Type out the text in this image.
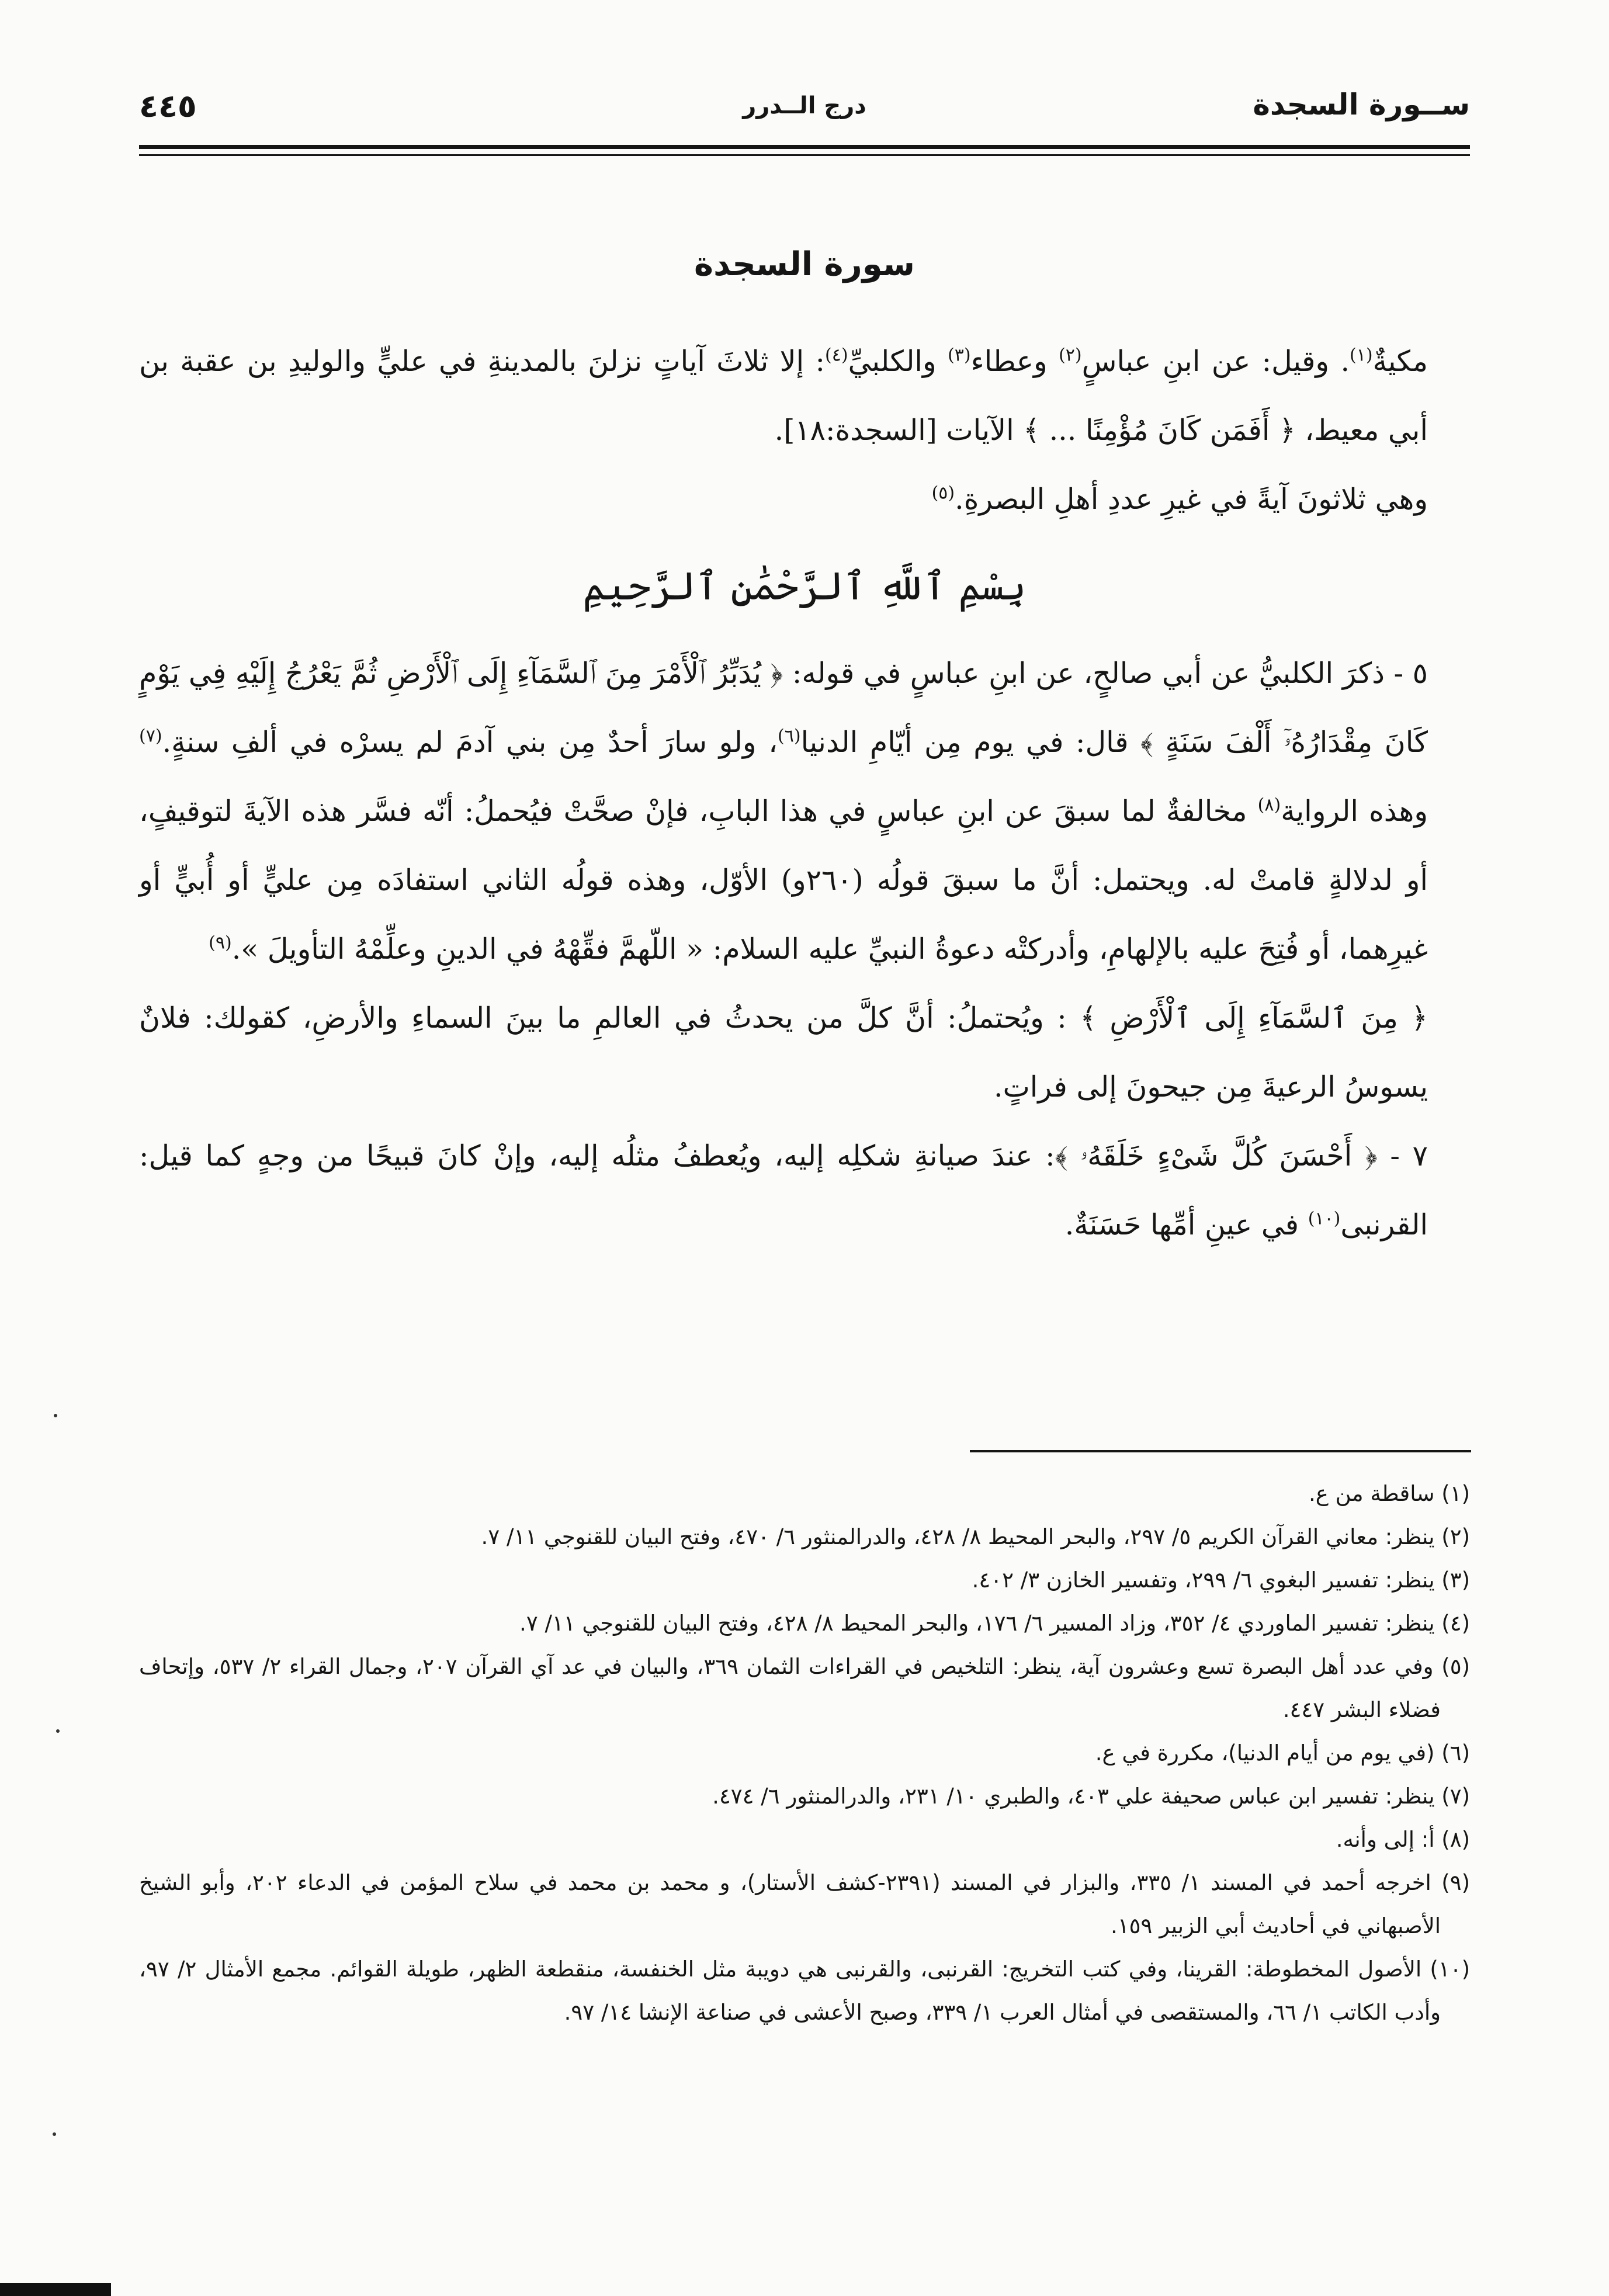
ســورة السجدة
درج الــدرر
٤٤٥
سورة السجدة

مكيةٌ$^{(١)}$. وقيل: عن ابنِ عباسٍ$^{(٢)}$ وعطاء$^{(٣)}$ والكلبيِّ$^{(٤)}$: إلا ثلاثَ آياتٍ نزلنَ بالمدينةِ في عليٍّ والوليدِ بن عقبة بن أبي معيط، ﴿ أَفَمَن كَانَ مُؤْمِنًا ... ﴾ الآيات [السجدة:١٨].

وهي ثلاثونَ آيةً في غيرِ عددِ أهلِ البصرةِ.$^{(٥)}$

بِسْمِ ٱللَّهِ ٱلرَّحْمَٰنِ ٱلرَّحِيمِ

٥ - ذكرَ الكلبيُّ عن أبي صالحٍ، عن ابنِ عباسٍ في قوله: ﴿ يُدَبِّرُ ٱلْأَمْرَ مِنَ ٱلسَّمَآءِ إِلَى ٱلْأَرْضِ ثُمَّ يَعْرُجُ إِلَيْهِ فِي يَوْمٍ كَانَ مِقْدَارُهُۥٓ أَلْفَ سَنَةٍ ﴾ قال: في يوم مِن أيّامِ الدنيا$^{(٦)}$، ولو سارَ أحدٌ مِن بني آدمَ لم يسرْه في ألفِ سنةٍ.$^{(٧)}$ وهذه الرواية$^{(٨)}$ مخالفةٌ لما سبقَ عن ابنِ عباسٍ في هذا البابِ، فإنْ صحَّتْ فيُحملُ: أنّه فسَّر هذه الآيةَ لتوقيفٍ، أو لدلالةٍ قامتْ له. ويحتمل: أنَّ ما سبقَ قولُه (٢٦٠و) الأوّل، وهذه قولُه الثاني استفادَه مِن عليٍّ أو أُبيٍّ أو غيرِهما، أو فُتِحَ عليه بالإلهامِ، وأدركتْه دعوةُ النبيِّ عليه السلام: « اللّهمَّ فقِّهْهُ في الدينِ وعلِّمْهُ التأويلَ ».$^{(٩)}$

﴿ مِنَ ٱلسَّمَآءِ إِلَى ٱلْأَرْضِ ﴾ : ويُحتملُ: أنَّ كلَّ من يحدثُ في العالمِ ما بينَ السماءِ والأرضِ، كقولك: فلانٌ يسوسُ الرعيةَ مِن جيحونَ إلى فراتٍ.

٧ - ﴿ أَحْسَنَ كُلَّ شَىْءٍ خَلَقَهُۥ ﴾: عندَ صيانةِ شكلِه إليه، ويُعطفُ مثلُه إليه، وإنْ كانَ قبيحًا من وجهٍ كما قيل: القرنبى$^{(١٠)}$ في عينِ أمِّها حَسَنَةٌ.

(١) ساقطة من ع.

(٢) ينظر: معاني القرآن الكريم ٥/ ٢٩٧، والبحر المحيط ٨/ ٤٢٨، والدرالمنثور ٦/ ٤٧٠، وفتح البيان للقنوجي ١١/ ٧.

(٣) ينظر: تفسير البغوي ٦/ ٢٩٩، وتفسير الخازن ٣/ ٤٠٢.

(٤) ينظر: تفسير الماوردي ٤/ ٣٥٢، وزاد المسير ٦/ ١٧٦، والبحر المحيط ٨/ ٤٢٨، وفتح البيان للقنوجي ١١/ ٧.

(٥) وفي عدد أهل البصرة تسع وعشرون آية، ينظر: التلخيص في القراءات الثمان ٣٦٩، والبيان في عد آي القرآن ٢٠٧، وجمال القراء ٢/ ٥٣٧، وإتحاف فضلاء البشر ٤٤٧.

(٦) (في يوم من أيام الدنيا)، مكررة في ع.

(٧) ينظر: تفسير ابن عباس صحيفة علي ٤٠٣، والطبري ١٠/ ٢٣١، والدرالمنثور ٦/ ٤٧٤.

(٨) أ: إلى وأنه.

(٩) اخرجه أحمد في المسند ١/ ٣٣٥، والبزار في المسند (٢٣٩١-كشف الأستار)، و محمد بن محمد في سلاح المؤمن في الدعاء ٢٠٢، وأبو الشيخ الأصبهاني في أحاديث أبي الزبير ١٥٩.

(١٠) الأصول المخطوطة: القرينا، وفي كتب التخريج: القرنبى، والقرنبى هي دويبة مثل الخنفسة، منقطعة الظهر، طويلة القوائم. مجمع الأمثال ٢/ ٩٧، وأدب الكاتب ١/ ٦٦، والمستقصى في أمثال العرب ١/ ٣٣٩، وصبح الأعشى في صناعة الإنشا ١٤/ ٩٧.
